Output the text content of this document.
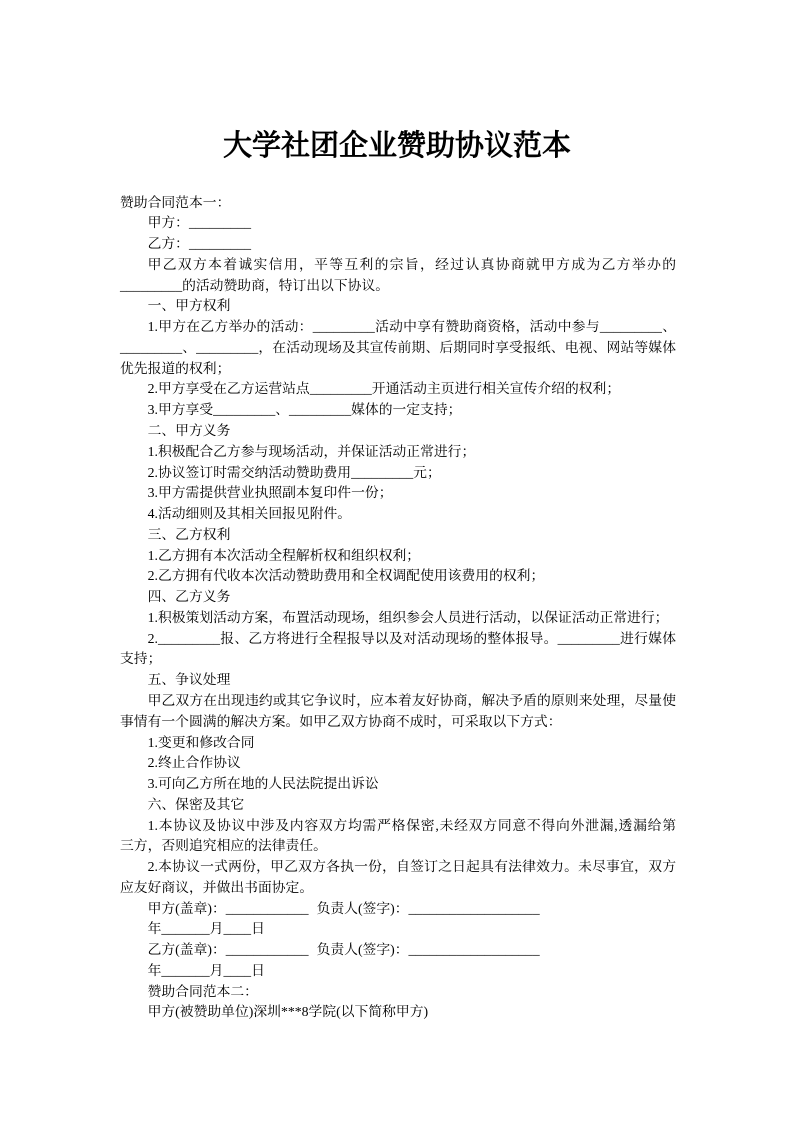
大学社团企业赞助协议范本
赞助合同范本一：
甲方：_________
乙方：_________
甲乙双方本着诚实信用，平等互利的宗旨，经过认真协商就甲方成为乙方举办的
_________的活动赞助商，特订出以下协议。
一、甲方权利
1.甲方在乙方举办的活动：_________活动中享有赞助商资格，活动中参与_________、
_________、_________，在活动现场及其宣传前期、后期同时享受报纸、电视、网站等媒体
优先报道的权利；
2.甲方享受在乙方运营站点_________开通活动主页进行相关宣传介绍的权利；
3.甲方享受_________、_________媒体的一定支持；
二、甲方义务
1.积极配合乙方参与现场活动，并保证活动正常进行；
2.协议签订时需交纳活动赞助费用_________元；
3.甲方需提供营业执照副本复印件一份；
4.活动细则及其相关回报见附件。
三、乙方权利
1.乙方拥有本次活动全程解析权和组织权利；
2.乙方拥有代收本次活动赞助费用和全权调配使用该费用的权利；
四、乙方义务
1.积极策划活动方案，布置活动现场，组织参会人员进行活动，以保证活动正常进行；
2._________报、乙方将进行全程报导以及对活动现场的整体报导。_________进行媒体
支持；
五、争议处理
甲乙双方在出现违约或其它争议时，应本着友好协商，解决予盾的原则来处理，尽量使
事情有一个圆满的解决方案。如甲乙双方协商不成时，可采取以下方式：
1.变更和修改合同
2.终止合作协议
3.可向乙方所在地的人民法院提出诉讼
六、保密及其它
1.本协议及协议中涉及内容双方均需严格保密,未经双方同意不得向外泄漏,透漏给第
三方，否则追究相应的法律责任。
2.本协议一式两份，甲乙双方各执一份，自签订之日起具有法律效力。未尽事宜，双方
应友好商议，并做出书面协定。
甲方(盖章)：____________ 负责人(签字)：___________________
年_______月____日
乙方(盖章)：____________ 负责人(签字)：___________________
年_______月____日
赞助合同范本二：
甲方(被赞助单位)深圳***8学院(以下简称甲方)
